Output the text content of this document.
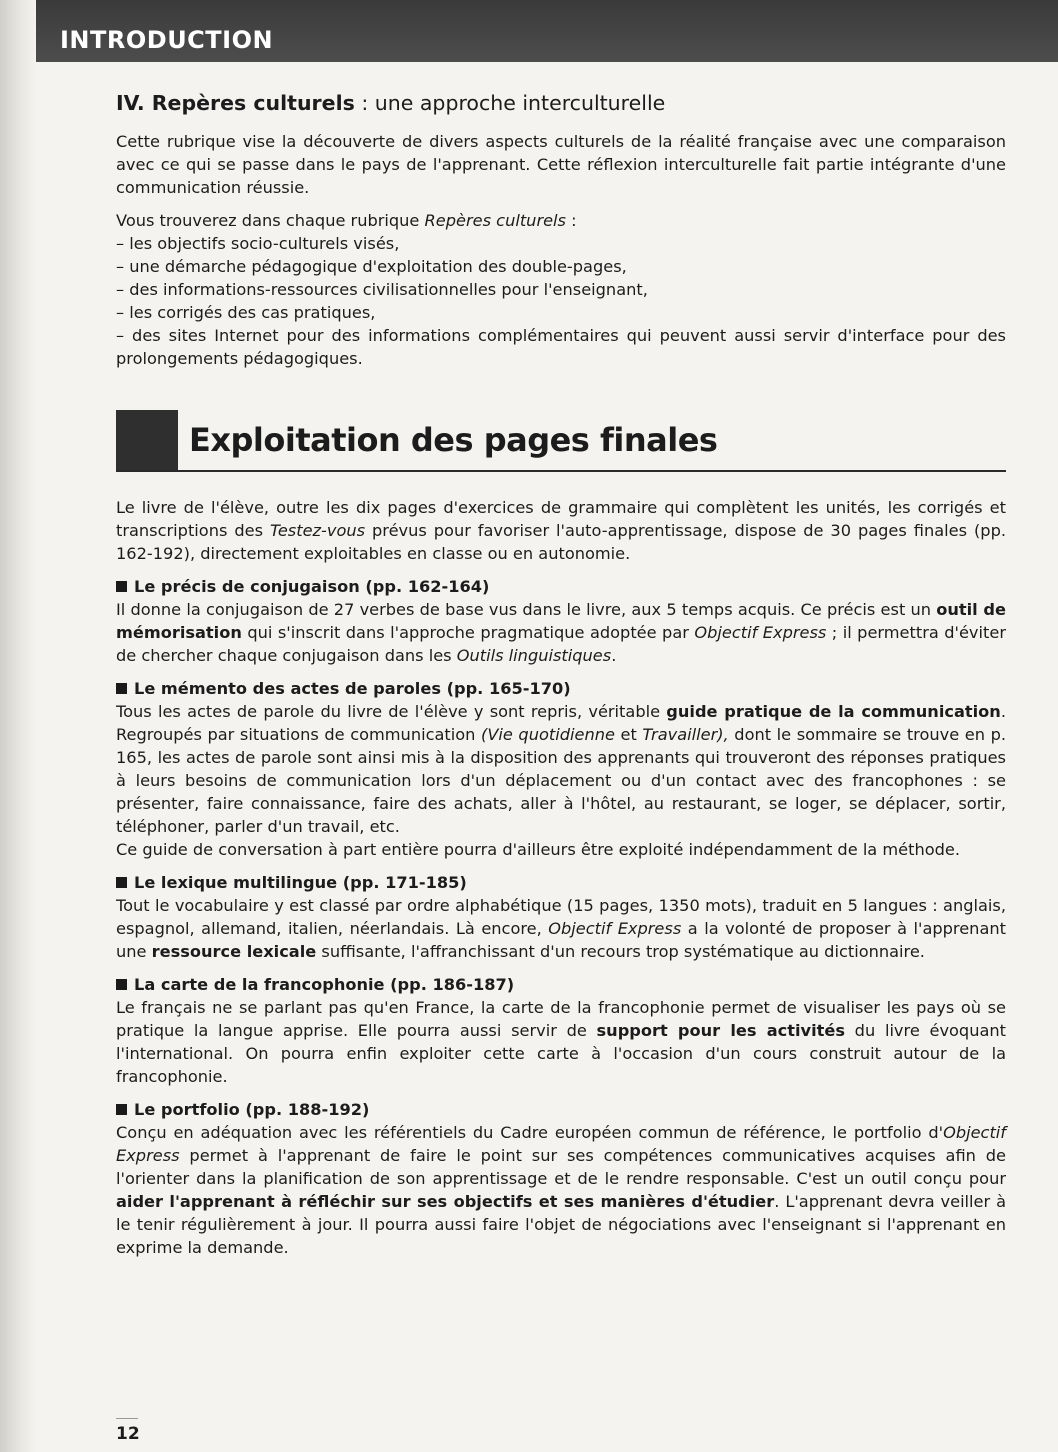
INTRODUCTION
IV. Repères culturels : une approche interculturelle

Cette rubrique vise la découverte de divers aspects culturels de la réalité française avec une comparaison avec ce qui se passe dans le pays de l'apprenant. Cette réflexion interculturelle fait partie intégrante d'une communication réussie.

Vous trouverez dans chaque rubrique Repères culturels :

– les objectifs socio-culturels visés,

– une démarche pédagogique d'exploitation des double-pages,

– des informations-ressources civilisationnelles pour l'enseignant,

– les corrigés des cas pratiques,

– des sites Internet pour des informations complémentaires qui peuvent aussi servir d'interface pour des prolongements pédagogiques.

Exploitation des pages finales

Le livre de l'élève, outre les dix pages d'exercices de grammaire qui complètent les unités, les corrigés et transcriptions des Testez-vous prévus pour favoriser l'auto-apprentissage, dispose de 30 pages finales (pp. 162-192), directement exploitables en classe ou en autonomie.

Le précis de conjugaison (pp. 162-164)

Il donne la conjugaison de 27 verbes de base vus dans le livre, aux 5 temps acquis. Ce précis est un outil de mémorisation qui s'inscrit dans l'approche pragmatique adoptée par Objectif Express ; il permettra d'éviter de chercher chaque conjugaison dans les Outils linguistiques.

Le mémento des actes de paroles (pp. 165-170)

Tous les actes de parole du livre de l'élève y sont repris, véritable guide pratique de la communication. Regroupés par situations de communication (Vie quotidienne et Travailler), dont le sommaire se trouve en p. 165, les actes de parole sont ainsi mis à la disposition des apprenants qui trouveront des réponses pratiques à leurs besoins de communication lors d'un déplacement ou d'un contact avec des francophones : se présenter, faire connaissance, faire des achats, aller à l'hôtel, au restaurant, se loger, se déplacer, sortir, téléphoner, parler d'un travail, etc.

Ce guide de conversation à part entière pourra d'ailleurs être exploité indépendamment de la méthode.

Le lexique multilingue (pp. 171-185)

Tout le vocabulaire y est classé par ordre alphabétique (15 pages, 1350 mots), traduit en 5 langues : anglais, espagnol, allemand, italien, néerlandais. Là encore, Objectif Express a la volonté de proposer à l'apprenant une ressource lexicale suffisante, l'affranchissant d'un recours trop systématique au dictionnaire.

La carte de la francophonie (pp. 186-187)

Le français ne se parlant pas qu'en France, la carte de la francophonie permet de visualiser les pays où se pratique la langue apprise. Elle pourra aussi servir de support pour les activités du livre évoquant l'international. On pourra enfin exploiter cette carte à l'occasion d'un cours construit autour de la francophonie.

Le portfolio (pp. 188-192)

Conçu en adéquation avec les référentiels du Cadre européen commun de référence, le portfolio d'Objectif Express permet à l'apprenant de faire le point sur ses compétences communicatives acquises afin de l'orienter dans la planification de son apprentissage et de le rendre responsable. C'est un outil conçu pour aider l'apprenant à réfléchir sur ses objectifs et ses manières d'étudier. L'apprenant devra veiller à le tenir régulièrement à jour. Il pourra aussi faire l'objet de négociations avec l'enseignant si l'apprenant en exprime la demande.

12
